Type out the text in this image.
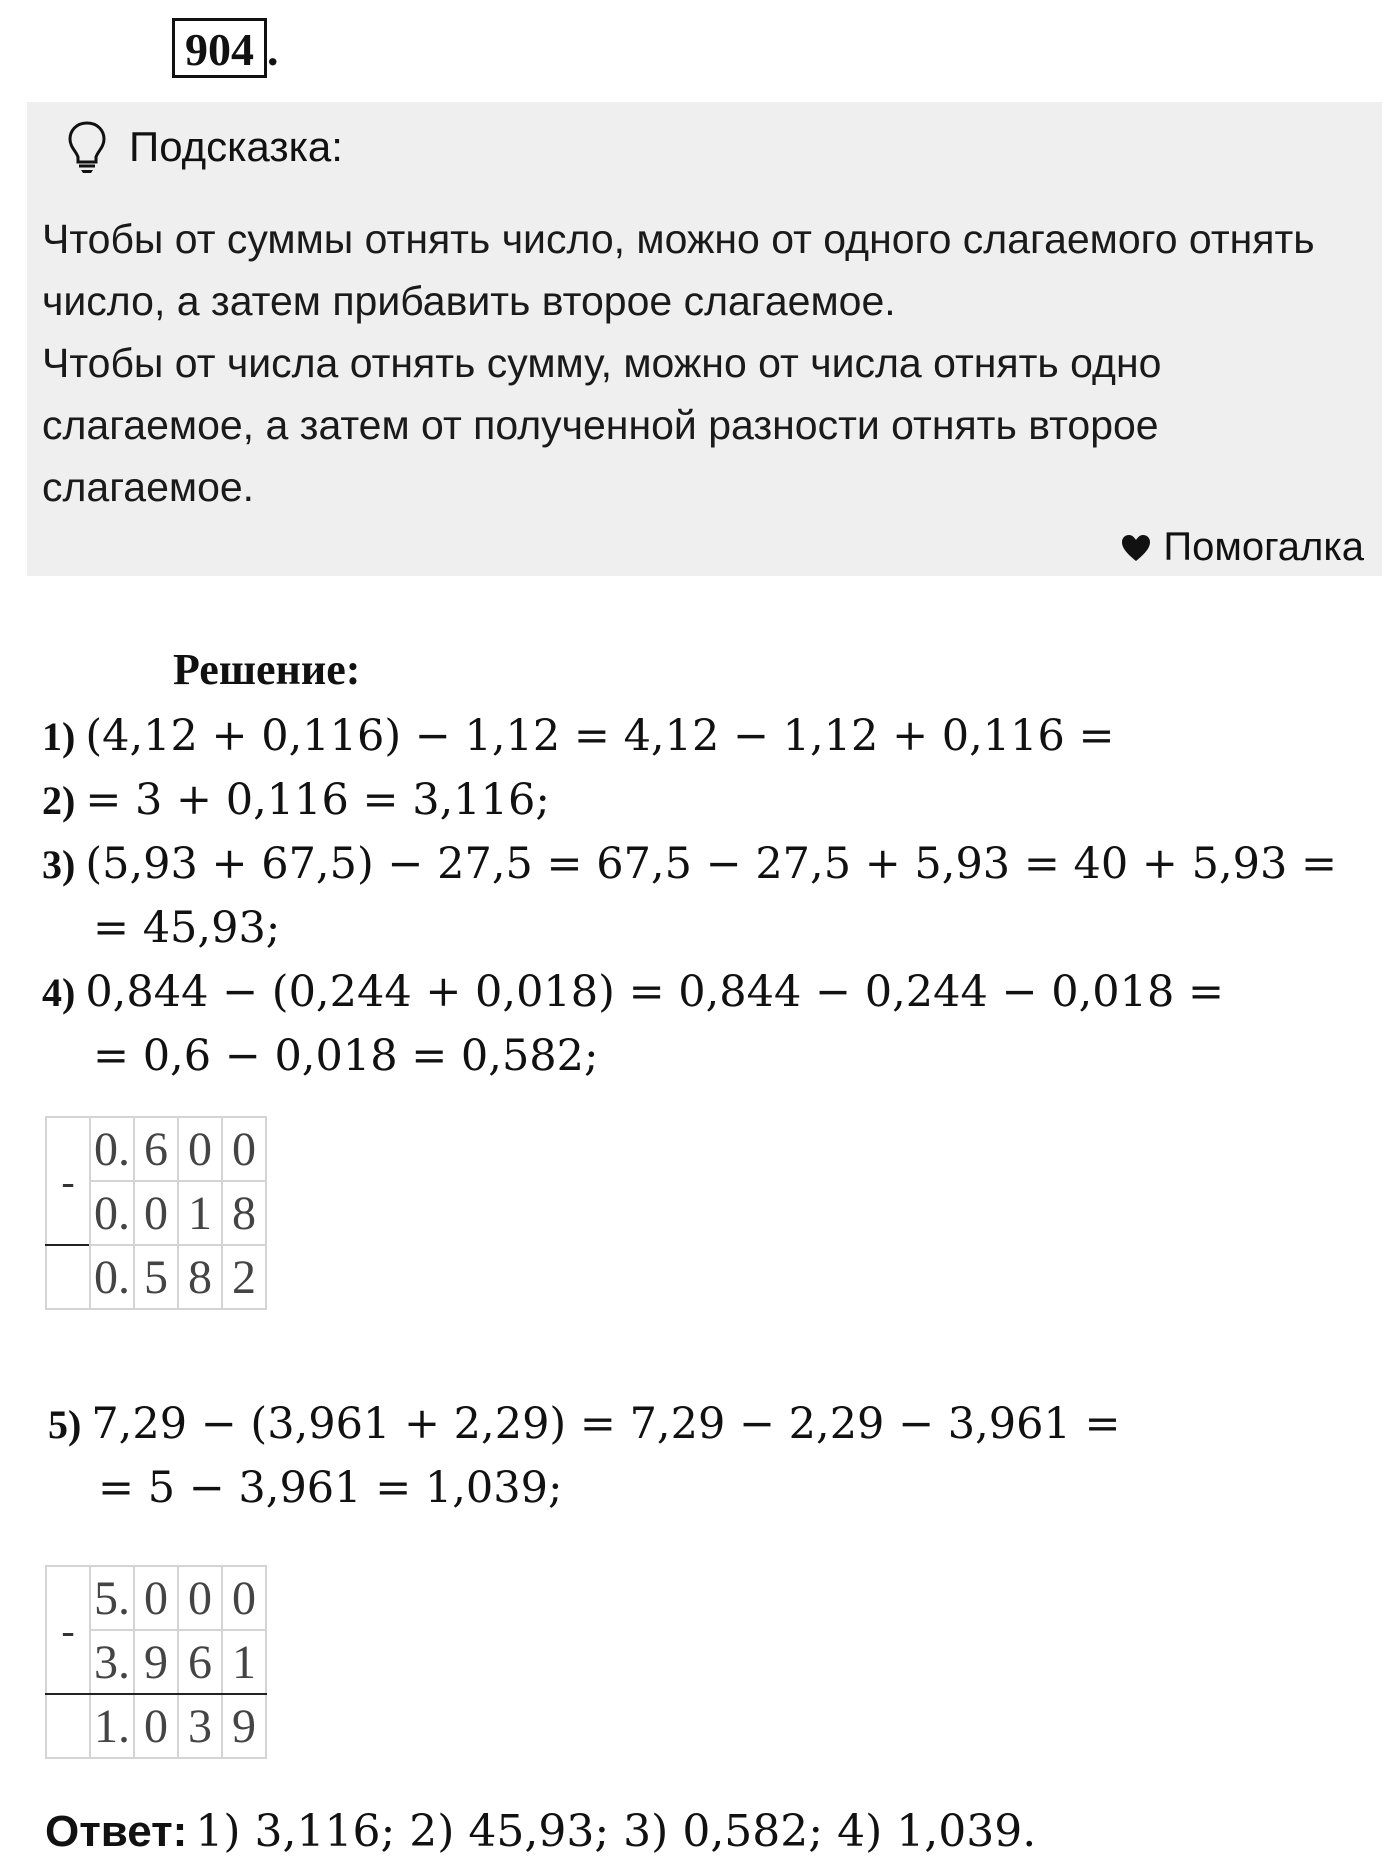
904 .
Подсказка:

Чтобы от суммы отнять число, можно от одного слагаемого отнять число, а затем прибавить второе слагаемое.

Чтобы от числа отнять сумму, можно от числа отнять одно слагаемое, а затем от полученной разности отнять второе слагаемое.

Помогалка
Решение:
1) (4,12 + 0,116) − 1,12 = 4,12 − 1,12 + 0,116 =
2) = 3 + 0,116 = 3,116;
3) (5,93 + 67,5) − 27,5 = 67,5 − 27,5 + 5,93 = 40 + 5,93 =
= 45,93;
4) 0,844 − (0,244 + 0,018) = 0,844 − 0,244 − 0,018 =
= 0,6 − 0,018 = 0,582;
-	0.	6	0	0
	0.	0	1	8
	0.	5	8	2
5) 7,29 − (3,961 + 2,29) = 7,29 − 2,29 − 3,961 =
= 5 − 3,961 = 1,039;
-	5.	0	0	0
	3.	9	6	1
	1.	0	3	9
Ответ: 1) 3,116; 2) 45,93; 3) 0,582; 4) 1,039.
